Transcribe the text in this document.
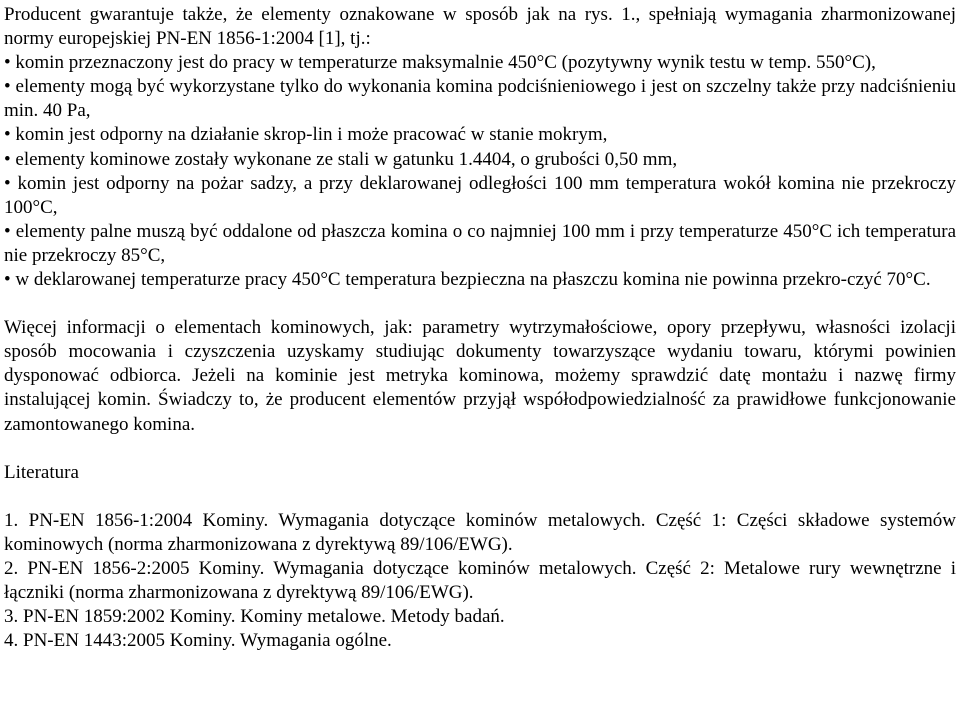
Producent gwarantuje także, że elementy oznakowane w sposób jak na rys. 1., spełniają wymagania zharmonizowanej normy europejskiej PN-EN 1856-1:2004 [1], tj.:

• komin przeznaczony jest do pracy w temperaturze maksymalnie 450°C (pozytywny wynik testu w temp. 550°C),
• elementy mogą być wykorzystane tylko do wykonania komina podciśnieniowego i jest on szczelny także przy nadciśnieniu min. 40 Pa,
• komin jest odporny na działanie skrop-lin i może pracować w stanie mokrym,
• elementy kominowe zostały wykonane ze stali w gatunku 1.4404, o grubości 0,50 mm,
• komin jest odporny na pożar sadzy, a przy deklarowanej odległości 100 mm temperatura wokół komina nie przekroczy 100°C,
• elementy palne muszą być oddalone od płaszcza komina o co najmniej 100 mm i przy temperaturze 450°C ich temperatura nie przekroczy 85°C,
• w deklarowanej temperaturze pracy 450°C temperatura bezpieczna na płaszczu komina nie powinna przekro-czyć 70°C.

Więcej informacji o elementach kominowych, jak: parametry wytrzymałościowe, opory przepływu, własności izolacji sposób mocowania i czyszczenia uzyskamy studiując dokumenty towarzyszące wydaniu towaru, którymi powinien dysponować odbiorca. Jeżeli na kominie jest metryka kominowa, możemy sprawdzić datę montażu i nazwę firmy instalującej komin. Świadczy to, że producent elementów przyjął współodpowiedzialność za prawidłowe funkcjonowanie zamontowanego komina.

Literatura

1. PN-EN 1856-1:2004 Kominy. Wymagania dotyczące kominów metalowych. Część 1: Części składowe systemów kominowych (norma zharmonizowana z dyrektywą 89/106/EWG).
2. PN-EN 1856-2:2005 Kominy. Wymagania dotyczące kominów metalowych. Część 2: Metalowe rury wewnętrzne i łączniki (norma zharmonizowana z dyrektywą 89/106/EWG).
3. PN-EN 1859:2002 Kominy. Kominy metalowe. Metody badań.
4. PN-EN 1443:2005 Kominy. Wymagania ogólne.
